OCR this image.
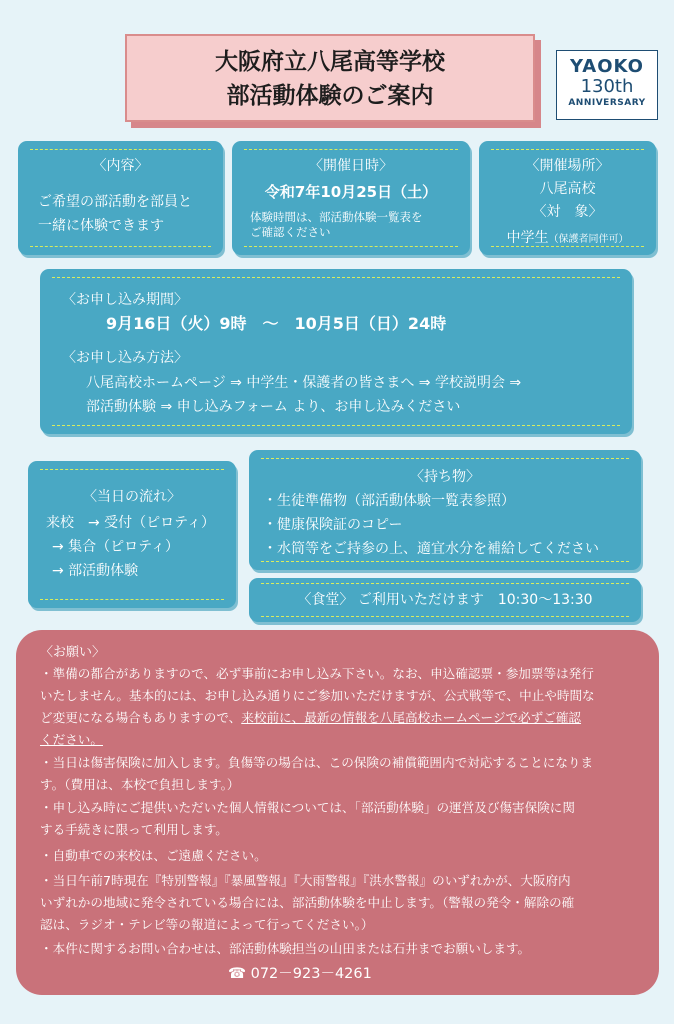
大阪府立八尾高等学校
部活動体験のご案内
YAOKO
130th
ANNIVERSARY
〈内容〉
ご希望の部活動を部員と
一緒に体験できます
〈開催日時〉
令和7年10月25日（土）
体験時間は、部活動体験一覧表を
ご確認ください
〈開催場所〉
八尾高校
〈対　象〉
中学生（保護者同伴可）
〈お申し込み期間〉
9月16日（火）9時　～　10月5日（日）24時
〈お申し込み方法〉
八尾高校ホームページ ⇒ 中学生・保護者の皆さまへ ⇒ 学校説明会 ⇒
部活動体験 ⇒ 申し込みフォーム より、お申し込みください
〈当日の流れ〉
来校　→ 受付（ピロティ）
→ 集合（ピロティ）
→ 部活動体験
〈持ち物〉
・生徒準備物（部活動体験一覧表参照）
・健康保険証のコピー
・水筒等をご持参の上、適宜水分を補給してください
〈食堂〉 ご利用いただけます　10:30～13:30
〈お願い〉
・準備の都合がありますので、必ず事前にお申し込み下さい。なお、申込確認票・参加票等は発行
いたしません。基本的には、お申し込み通りにご参加いただけますが、公式戦等で、中止や時間な
ど変更になる場合もありますので、来校前に、最新の情報を八尾高校ホームページで必ずご確認
ください。
・当日は傷害保険に加入します。負傷等の場合は、この保険の補償範囲内で対応することになりま
す。（費用は、本校で負担します。）
・申し込み時にご提供いただいた個人情報については、「部活動体験」の運営及び傷害保険に関
する手続きに限って利用します。
・自動車での来校は、ご遠慮ください。
・当日午前7時現在『特別警報』『暴風警報』『大雨警報』『洪水警報』のいずれかが、大阪府内
いずれかの地域に発令されている場合には、部活動体験を中止します。（警報の発令・解除の確
認は、ラジオ・テレビ等の報道によって行ってください。）
・本件に関するお問い合わせは、部活動体験担当の山田または石井までお願いします。
☎ 072－923－4261
